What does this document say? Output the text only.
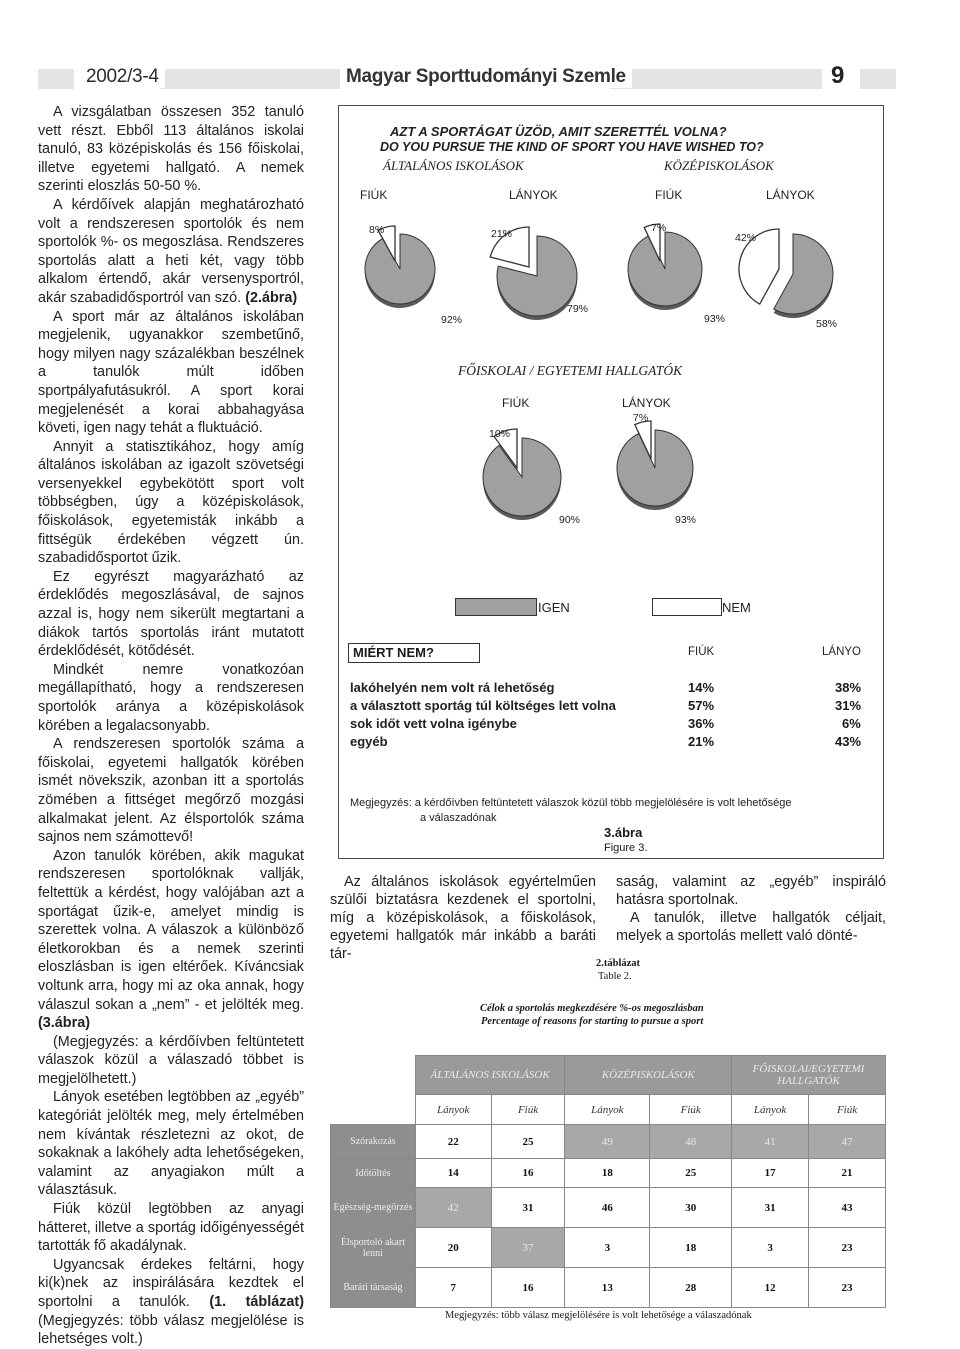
2002/3-4	Magyar Sporttudományi Szemle	9

A vizsgálatban összesen 352 tanuló vett részt. Ebből 113 általános iskolai tanuló, 83 középiskolás és 156 főiskolai, illetve egyetemi hallgató. A nemek szerinti eloszlás 50-50 %.

A kérdőívek alapján meghatározható volt a rendszeresen sportolók és nem sportolók %- os megoszlása. Rendszeres sportolás alatt a heti két, vagy több alkalom értendő, akár versenysportról, akár szabadidősportról van szó. (2.ábra)

A sport már az általános iskolában megjelenik, ugyanakkor szembetűnő, hogy milyen nagy százalékban beszélnek a tanulók múlt időben sportpályafutásukról. A sport korai megjelenését a korai abbahagyása követi, igen nagy tehát a fluktuáció.

Annyit a statisztikához, hogy amíg általános iskolában az igazolt szövetségi versenyekkel egybekötött sport volt többségben, úgy a középiskolások, főiskolások, egyetemisták inkább a fittségük érdekében végzett ún. szabadidősportot űzik.

Ez egyrészt magyarázható az érdeklődés megoszlásával, de sajnos azzal is, hogy nem sikerült megtartani a diákok tartós sportolás iránt mutatott érdeklődését, kötődését.

Mindkét nemre vonatkozóan megállapítható, hogy a rendszeresen sportolók aránya a középiskolások körében a legalacsonyabb.

A rendszeresen sportolók száma a főiskolai, egyetemi hallgatók körében ismét növekszik, azonban itt a sportolás zömében a fittséget megőrző mozgási alkalmakat jelent. Az élsportolók száma sajnos nem számottevő!

Azon tanulók körében, akik magukat rendszeresen sportolóknak vallják, feltettük a kérdést, hogy valójában azt a sportágat űzik-e, amelyet mindig is szerettek volna. A válaszok a különböző életkorokban és a nemek szerinti eloszlásban is igen eltérőek. Kíváncsiak voltunk arra, hogy mi az oka annak, hogy válaszul sokan a „nem” - et jelölték meg. (3.ábra)

(Megjegyzés: a kérdőívben feltüntetett válaszok közül a válaszadó többet is megjelölhetett.)

Lányok esetében legtöbben az „egyéb” kategóriát jelölték meg, mely értelmében nem kívántak részletezni az okot, de sokaknak a lakóhely adta lehetőségeken, valamint az anyagiakon múlt a választásuk.

Fiúk közül legtöbben az anyagi hátteret, illetve a sportág időigényességét tartották fő akadálynak.

Ugyancsak érdekes feltárni, hogy ki(k)nek az inspirálására kezdtek el sportolni a tanulók. (1. táblázat) (Megjegyzés: több válasz megjelölése is lehetséges volt.)

AZT A SPORTÁGAT ÜZÖD, AMIT SZERETTÉL VOLNA?
DO YOU PURSUE THE KIND OF SPORT YOU HAVE WISHED TO?
ÁLTALÁNOS ISKOLÁSOK	KÖZÉPISKOLÁSOK
FIÚK	LÁNYOK	FIÚK	LÁNYOK
FŐISKOLAI / EGYETEMI HALLGATÓK
FIÚK	LÁNYOK
8%
92%
21%
79%
7%
93%
42%
58%
10%
90%
7%
93%
IGEN	NEM
MIÉRT NEM?	FIÚK	LÁNYO
lakóhelyén nem volt rá lehetőség	14%	38%
a választott sportág túl költséges lett volna	57%	31%
sok időt vett volna igénybe	36%	6%
egyéb	21%	43%
Megjegyzés: a kérdőívben feltüntetett válaszok közül több megjelölésére is volt lehetősége
a válaszadónak
3.ábra
Figure 3.
Az általános iskolások egyértelműen szülői biztatásra kezdenek el sportolni, míg a középiskolások, a főiskolások, egyetemi hallgatók már inkább a baráti tár-

saság, valamint az „egyéb” inspiráló hatásra sportolnak.

A tanulók, illetve hallgatók céljait, melyek a sportolás mellett való dönté-

2.táblázat
Table 2.
Célok a sportolás megkezdésére %-os megoszlásban
Percentage of reasons for starting to pursue a sport
	ÁLTALÁNOS ISKOLÁSOK		KÖZÉPISKOLÁSOK		FŐISKOLAI/EGYETEMI HALLGATÓK	
	Lányok	Fiúk	Lányok	Fiúk	Lányok	Fiúk
Szórakozás	22	25	49	48	41	47
Időtöltés	14	16	18	25	17	21
Egészség-megőrzés	42	31	46	30	31	43
Élsportoló akart lenni	20	37	3	18	3	23
Baráti társaság	7	16	13	28	12	23
Megjegyzés: több válasz megjelölésére is volt lehetősége a válaszadónak
